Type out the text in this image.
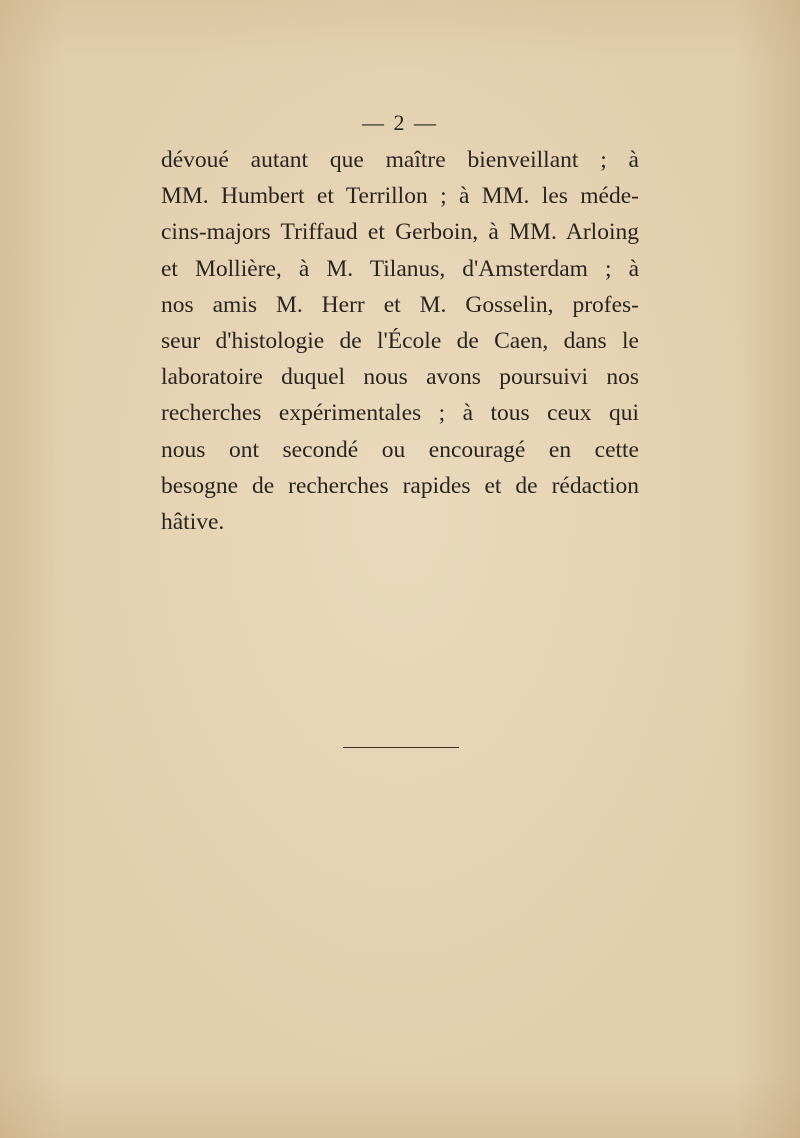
— 2 —
dévoué autant que maître bienveillant ; à
MM. Humbert et Terrillon ; à MM. les méde-
cins-majors Triffaud et Gerboin, à MM. Arloing
et Mollière, à M. Tilanus, d'Amsterdam ; à
nos amis M. Herr et M. Gosselin, profes-
seur d'histologie de l'École de Caen, dans le
laboratoire duquel nous avons poursuivi nos
recherches expérimentales ; à tous ceux qui
nous ont secondé ou encouragé en cette
besogne de recherches rapides et de rédaction
hâtive.
